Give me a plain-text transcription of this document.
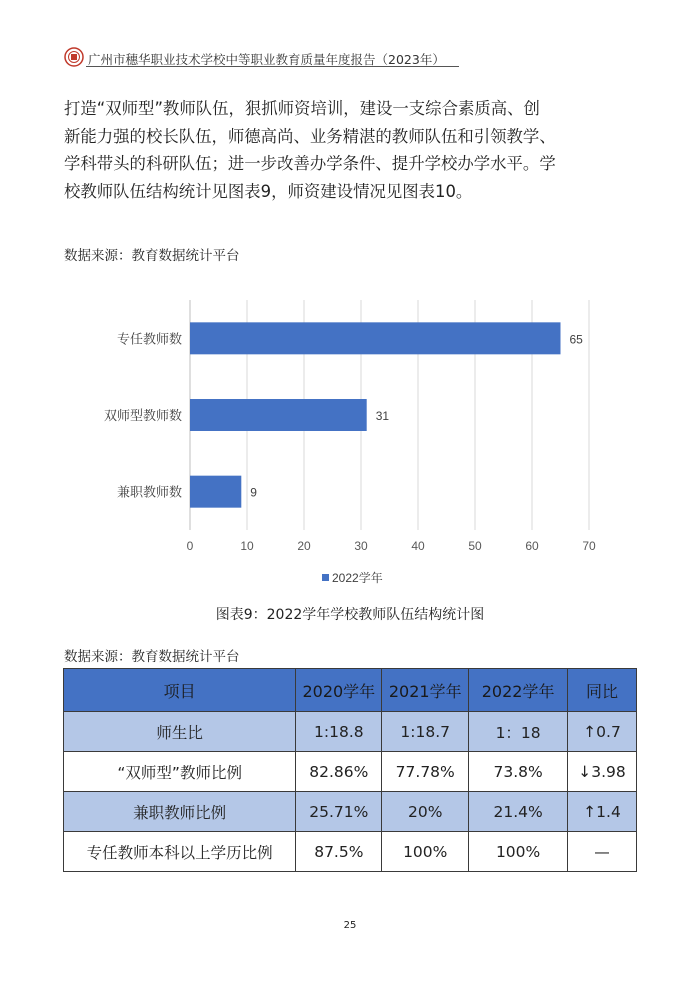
广州市穗华职业技术学校中等职业教育质量年度报告（2023年）

打造“双师型”教师队伍，狠抓师资培训，建设一支综合素质高、创

新能力强的校长队伍，师德高尚、业务精湛的教师队伍和引领教学、

学科带头的科研队伍；进一步改善办学条件、提升学校办学水平。学

校教师队伍结构统计见图表9，师资建设情况见图表10。

数据来源：教育数据统计平台
0	10	20	30	40	50	60	70
专任教师数	65
双师型教师数	31
兼职教师数	9
2022学年
图表9：2022学年学校教师队伍结构统计图
数据来源：教育数据统计平台
项目	2020学年	2021学年	2022学年	同比
师生比	1:18.8	1:18.7	1：18	↑0.7
“双师型”教师比例	82.86%	77.78%	73.8%	↓3.98
兼职教师比例	25.71%	20%	21.4%	↑1.4
专任教师本科以上学历比例	87.5%	100%	100%	—
25
